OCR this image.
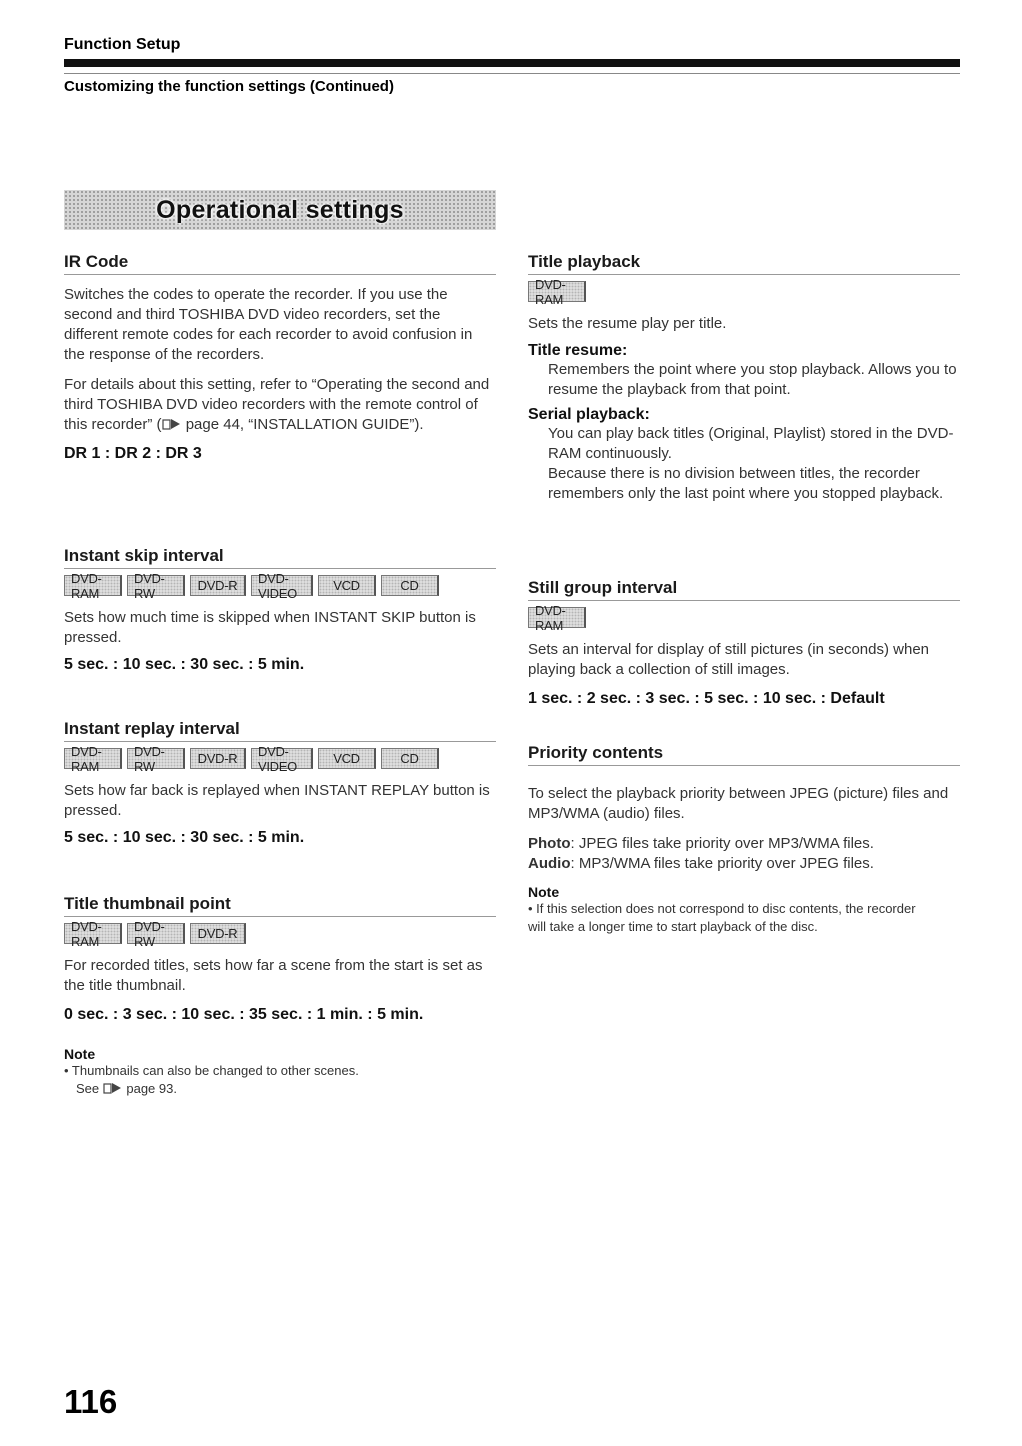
Function Setup
Customizing the function settings (Continued)
Operational settings
IR Code

Switches the codes to operate the recorder. If you use the second and third TOSHIBA DVD video recorders, set the different remote codes for each recorder to avoid confusion in the response of the recorders.

For details about this setting, refer to “Operating the second and third TOSHIBA DVD video recorders with the remote control of this recorder” ( page 44, “INSTALLATION GUIDE”).

DR 1 : DR 2 : DR 3

Instant skip interval
DVD-RAM
DVD-RW	DVD-R	DVD-VIDEO	VCD	CD

Sets how much time is skipped when INSTANT SKIP button is pressed.

5 sec. : 10 sec. : 30 sec. : 5 min.

Instant replay interval
DVD-RAM
DVD-RW	DVD-R	DVD-VIDEO	VCD	CD

Sets how far back is replayed when INSTANT REPLAY button is pressed.

5 sec. : 10 sec. : 30 sec. : 5 min.

Title thumbnail point
DVD-RAM
DVD-RW	DVD-R

For recorded titles, sets how far a scene from the start is set as the title thumbnail.

0 sec. : 3 sec. : 10 sec. : 35 sec. : 1 min. : 5 min.

Note
• Thumbnails can also be changed to other scenes.
See  page 93.
Title playback
DVD-RAM

Sets the resume play per title.

Title resume:

Remembers the point where you stop playback. Allows you to resume the playback from that point.

Serial playback:

You can play back titles (Original, Playlist) stored in the DVD-RAM continuously.

Because there is no division between titles, the recorder remembers only the last point where you stopped playback.

Still group interval
DVD-RAM

Sets an interval for display of still pictures (in seconds) when playing back a collection of still images.

1 sec. : 2 sec. : 3 sec. : 5 sec. : 10 sec. : Default

Priority contents

To select the playback priority between JPEG (picture) files and MP3/WMA (audio) files.

Photo: JPEG files take priority over MP3/WMA files.

Audio: MP3/WMA files take priority over JPEG files.

Note
• If this selection does not correspond to disc contents, the recorder will take a longer time to start playback of the disc.
116
